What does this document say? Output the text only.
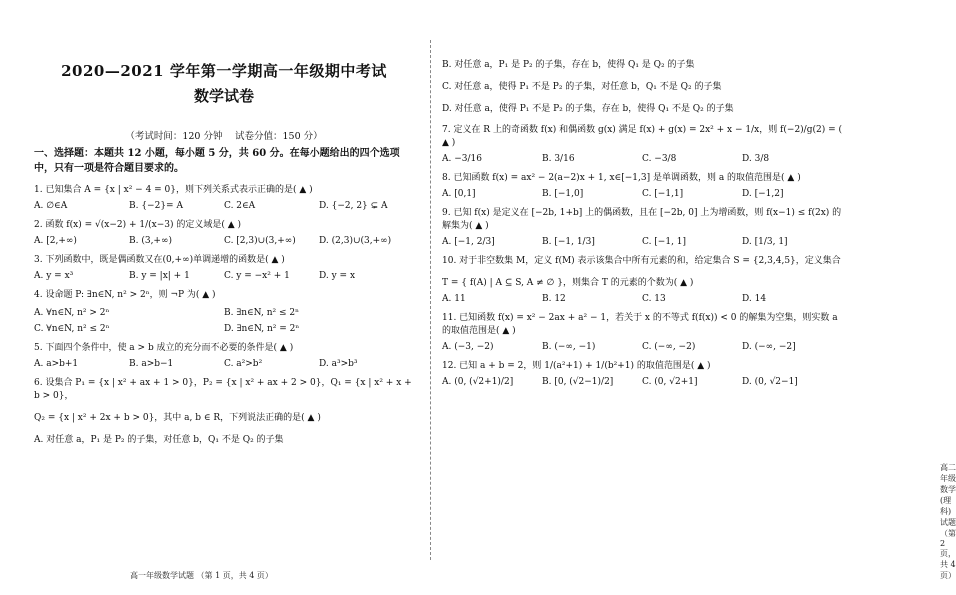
2020—2021 学年第一学期高一年级期中考试
数学试卷
（考试时间：120 分钟　 试卷分值：150 分）
一、选择题：本题共 12 小题，每小题 5 分，共 60 分。在每小题给出的四个选项中，只有一项是符合题目要求的。
1. 已知集合 A = {x | x² − 4 = 0}，则下列关系式表示正确的是( ▲ )
A. ∅∈A	B. {−2}= A	C. 2∈A	D. {−2, 2} ⊊ A
2. 函数 f(x) = √(x−2) + 1/(x−3) 的定义域是( ▲ )
A. [2,+∞)	B. (3,+∞)	C. [2,3)∪(3,+∞)	D. (2,3)∪(3,+∞)
3. 下列函数中，既是偶函数又在(0,+∞)单调递增的函数是( ▲ )
A. y = x³	B. y = |x| + 1	C. y = −x² + 1	D. y = x
4. 设命题 P: ∃n∈N, n² > 2ⁿ，则 ¬P 为( ▲ )
A. ∀n∈N, n² > 2ⁿ	B. ∃n∈N, n² ≤ 2ⁿ
C. ∀n∈N, n² ≤ 2ⁿ	D. ∃n∈N, n² = 2ⁿ
5. 下面四个条件中，使 a > b 成立的充分而不必要的条件是( ▲ )
A. a>b+1	B. a>b−1	C. a²>b²	D. a³>b³
6. 设集合 P₁ = {x | x² + ax + 1 > 0}，P₂ = {x | x² + ax + 2 > 0}，Q₁ = {x | x² + x + b > 0}，
Q₂ = {x | x² + 2x + b > 0}，其中 a, b ∈ R，下列说法正确的是( ▲ )
A. 对任意 a，P₁ 是 P₂ 的子集，对任意 b，Q₁ 不是 Q₂ 的子集
高一年级数学试题 （第 1 页，共 4 页）
B. 对任意 a，P₁ 是 P₂ 的子集，存在 b，使得 Q₁ 是 Q₂ 的子集
C. 对任意 a，使得 P₁ 不是 P₂ 的子集，对任意 b，Q₁ 不是 Q₂ 的子集
D. 对任意 a，使得 P₁ 不是 P₂ 的子集，存在 b，使得 Q₁ 不是 Q₂ 的子集
7. 定义在 R 上的奇函数 f(x) 和偶函数 g(x) 满足 f(x) + g(x) = 2x² + x − 1/x，则 f(−2)/g(2) = ( ▲ )
A. −3/16	B. 3/16	C. −3/8	D. 3/8
8. 已知函数 f(x) = ax² − 2(a−2)x + 1, x∈[−1,3] 是单调函数，则 a 的取值范围是( ▲ )
A. [0,1]	B. [−1,0]	C. [−1,1]	D. [−1,2]
9. 已知 f(x) 是定义在 [−2b, 1+b] 上的偶函数，且在 [−2b, 0] 上为增函数，则 f(x−1) ≤ f(2x) 的解集为( ▲ )
A. [−1, 2/3]	B. [−1, 1/3]	C. [−1, 1]	D. [1/3, 1]
10. 对于非空数集 M，定义 f(M) 表示该集合中所有元素的和，给定集合 S = {2,3,4,5}，定义集合
T = { f(A) | A ⊆ S, A ≠ ∅ }，则集合 T 的元素的个数为( ▲ )
A. 11	B. 12	C. 13	D. 14
11. 已知函数 f(x) = x² − 2ax + a² − 1，若关于 x 的不等式 f(f(x)) < 0 的解集为空集，则实数 a 的取值范围是( ▲ )
A. (−3, −2)	B. (−∞, −1)	C. (−∞, −2)	D. (−∞, −2]
12. 已知 a + b = 2，则 1/(a²+1) + 1/(b²+1) 的取值范围是( ▲ )
A. (0, (√2+1)/2]	B. [0, (√2−1)/2]	C. (0, √2+1]	D. (0, √2−1]
高二年级数学(理科)试题 （第 2 页，共 4 页）
